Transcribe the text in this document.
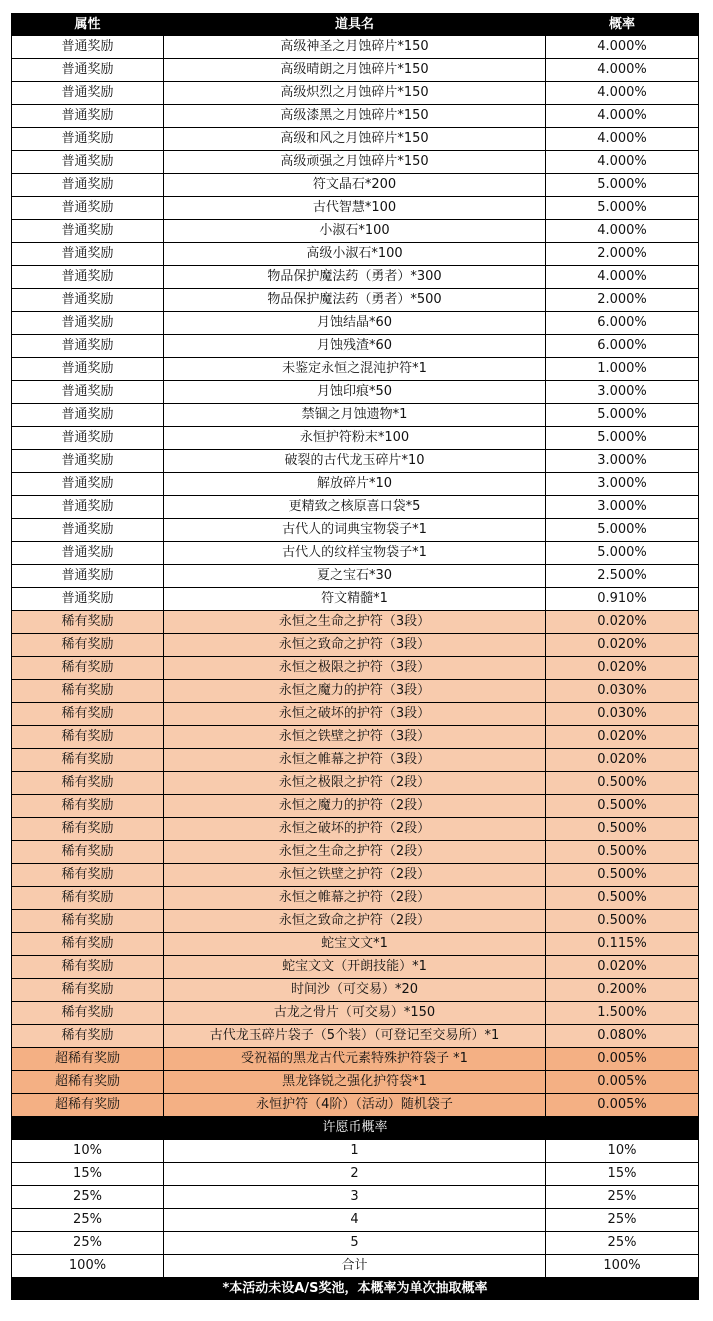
属性	道具名	概率
普通奖励	高级神圣之月蚀碎片*150	4.000%
普通奖励	高级晴朗之月蚀碎片*150	4.000%
普通奖励	高级炽烈之月蚀碎片*150	4.000%
普通奖励	高级漆黑之月蚀碎片*150	4.000%
普通奖励	高级和风之月蚀碎片*150	4.000%
普通奖励	高级顽强之月蚀碎片*150	4.000%
普通奖励	符文晶石*200	5.000%
普通奖励	古代智慧*100	5.000%
普通奖励	小淑石*100	4.000%
普通奖励	高级小淑石*100	2.000%
普通奖励	物品保护魔法药（勇者）*300	4.000%
普通奖励	物品保护魔法药（勇者）*500	2.000%
普通奖励	月蚀结晶*60	6.000%
普通奖励	月蚀残渣*60	6.000%
普通奖励	未鉴定永恒之混沌护符*1	1.000%
普通奖励	月蚀印痕*50	3.000%
普通奖励	禁锢之月蚀遗物*1	5.000%
普通奖励	永恒护符粉末*100	5.000%
普通奖励	破裂的古代龙玉碎片*10	3.000%
普通奖励	解放碎片*10	3.000%
普通奖励	更精致之核原喜口袋*5	3.000%
普通奖励	古代人的词典宝物袋子*1	5.000%
普通奖励	古代人的纹样宝物袋子*1	5.000%
普通奖励	夏之宝石*30	2.500%
普通奖励	符文精髓*1	0.910%
稀有奖励	永恒之生命之护符（3段）	0.020%
稀有奖励	永恒之致命之护符（3段）	0.020%
稀有奖励	永恒之极限之护符（3段）	0.020%
稀有奖励	永恒之魔力的护符（3段）	0.030%
稀有奖励	永恒之破坏的护符（3段）	0.030%
稀有奖励	永恒之铁壁之护符（3段）	0.020%
稀有奖励	永恒之帷幕之护符（3段）	0.020%
稀有奖励	永恒之极限之护符（2段）	0.500%
稀有奖励	永恒之魔力的护符（2段）	0.500%
稀有奖励	永恒之破坏的护符（2段）	0.500%
稀有奖励	永恒之生命之护符（2段）	0.500%
稀有奖励	永恒之铁壁之护符（2段）	0.500%
稀有奖励	永恒之帷幕之护符（2段）	0.500%
稀有奖励	永恒之致命之护符（2段）	0.500%
稀有奖励	蛇宝文文*1	0.115%
稀有奖励	蛇宝文文（开朗技能）*1	0.020%
稀有奖励	时间沙（可交易）*20	0.200%
稀有奖励	古龙之骨片（可交易）*150	1.500%
稀有奖励	古代龙玉碎片袋子（5个装）（可登记至交易所）*1	0.080%
超稀有奖励	受祝福的黑龙古代元素特殊护符袋子 *1	0.005%
超稀有奖励	黑龙锋锐之强化护符袋*1	0.005%
超稀有奖励	永恒护符（4阶）（活动）随机袋子	0.005%
许愿币概率		
10%	1	10%
15%	2	15%
25%	3	25%
25%	4	25%
25%	5	25%
100%	合计	100%
*本活动未设A/S奖池，本概率为单次抽取概率		
